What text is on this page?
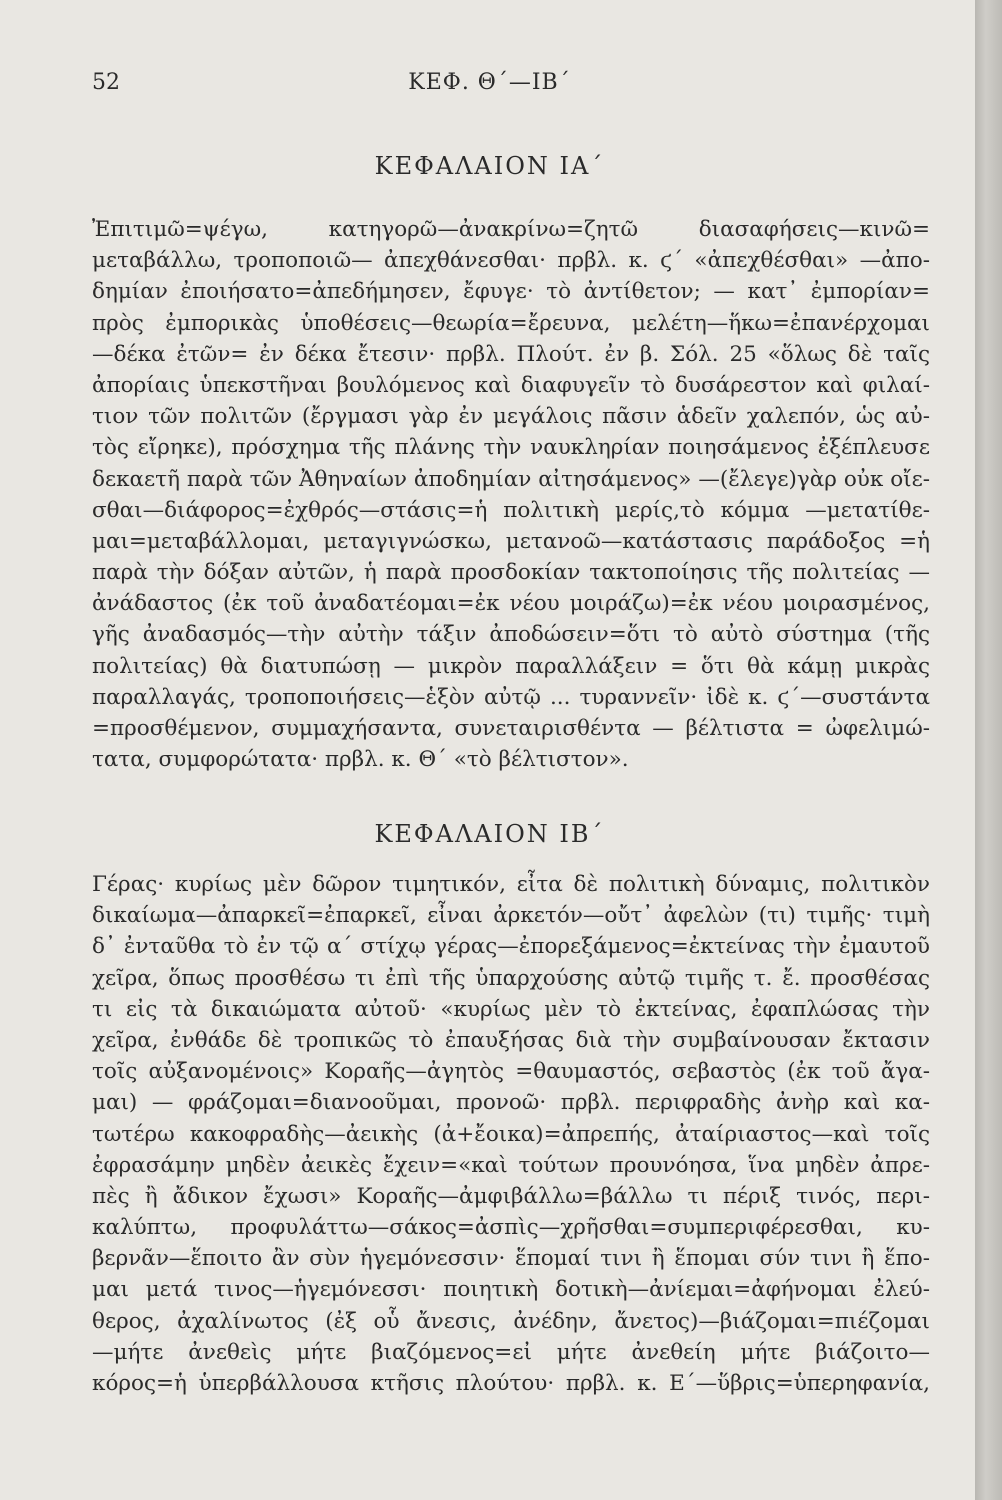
52	ΚΕΦ. Θ΄—ΙΒ΄
ΚΕΦΑΛΑΙΟΝ ΙΑ΄
Ἐπιτιμῶ=ψέγω, κατηγορῶ—ἀνακρίνω=ζητῶ διασαφήσεις—κινῶ=
μεταβάλλω, τροποποιῶ— ἀπεχθάνεσθαι· πρβλ. κ. ϛ΄ «ἀπεχθέσθαι» —ἀπο-
δημίαν ἐποιήσατο=ἀπεδήμησεν, ἔφυγε· τὸ ἀντίθετον; — κατ᾽ ἐμπορίαν=
πρὸς ἐμπορικὰς ὑποθέσεις—θεωρία=ἔρευνα, μελέτη—ἥκω=ἐπανέρχομαι
—δέκα ἐτῶν= ἐν δέκα ἔτεσιν· πρβλ. Πλούτ. ἐν β. Σόλ. 25 «ὅλως δὲ ταῖς
ἀπορίαις ὑπεκστῆναι βουλόμενος καὶ διαφυγεῖν τὸ δυσάρεστον καὶ φιλαί-
τιον τῶν πολιτῶν (ἔργμασι γὰρ ἐν μεγάλοις πᾶσιν ἁδεῖν χαλεπόν, ὡς αὐ-
τὸς εἴρηκε), πρόσχημα τῆς πλάνης τὴν ναυκληρίαν ποιησάμενος ἐξέπλευσε
δεκαετῆ παρὰ τῶν Ἀθηναίων ἀποδημίαν αἰτησάμενος» —(ἔλεγε)γὰρ οὐκ οἴε-
σθαι—διάφορος=ἐχθρός—στάσις=ἡ πολιτικὴ μερίς,τὸ κόμμα —μετατίθε-
μαι=μεταβάλλομαι, μεταγιγνώσκω, μετανοῶ—κατάστασις παράδοξος =ἡ
παρὰ τὴν δόξαν αὐτῶν, ἡ παρὰ προσδοκίαν τακτοποίησις τῆς πολιτείας —
ἀνάδαστος (ἐκ τοῦ ἀναδατέομαι=ἐκ νέου μοιράζω)=ἐκ νέου μοιρασμένος,
γῆς ἀναδασμός—τὴν αὐτὴν τάξιν ἀποδώσειν=ὅτι τὸ αὐτὸ σύστημα (τῆς
πολιτείας) θὰ διατυπώσῃ — μικρὸν παραλλάξειν = ὅτι θὰ κάμῃ μικρὰς
παραλλαγάς, τροποποιήσεις—ἑξὸν αὐτῷ ... τυραννεῖν· ἰδὲ κ. ϛ΄—συστάντα
=προσθέμενον, συμμαχήσαντα, συνεταιρισθέντα — βέλτιστα = ὠφελιμώ-
τατα, συμφορώτατα· πρβλ. κ. Θ΄ «τὸ βέλτιστον».
ΚΕΦΑΛΑΙΟΝ ΙΒ΄
Γέρας· κυρίως μὲν δῶρον τιμητικόν, εἶτα δὲ πολιτικὴ δύναμις, πολιτικὸν
δικαίωμα—ἀπαρκεῖ=ἐπαρκεῖ, εἶναι ἀρκετόν—οὔτ᾽ ἀφελὼν (τι) τιμῆς· τιμὴ
δ᾽ ἐνταῦθα τὸ ἐν τῷ α΄ στίχῳ γέρας—ἐπορεξάμενος=ἐκτείνας τὴν ἐμαυτοῦ
χεῖρα, ὅπως προσθέσω τι ἐπὶ τῆς ὑπαρχούσης αὐτῷ τιμῆς τ. ἔ. προσθέσας
τι εἰς τὰ δικαιώματα αὐτοῦ· «κυρίως μὲν τὸ ἐκτείνας, ἐφαπλώσας τὴν
χεῖρα, ἐνθάδε δὲ τροπικῶς τὸ ἐπαυξήσας διὰ τὴν συμβαίνουσαν ἔκτασιν
τοῖς αὐξανομένοις» Κοραῆς—ἀγητὸς =θαυμαστός, σεβαστὸς (ἐκ τοῦ ἄγα-
μαι) — φράζομαι=διανοοῦμαι, προνοῶ· πρβλ. περιφραδὴς ἀνὴρ καὶ κα-
τωτέρω κακοφραδὴς—ἀεικὴς (ἀ+ἔοικα)=ἀπρεπής, ἀταίριαστος—καὶ τοῖς
ἐφρασάμην μηδὲν ἀεικὲς ἔχειν=«καὶ τούτων προυνόησα, ἵνα μηδὲν ἀπρε-
πὲς ἢ ἄδικον ἔχωσι» Κοραῆς—ἀμφιβάλλω=βάλλω τι πέριξ τινός, περι-
καλύπτω, προφυλάττω—σάκος=ἀσπὶς—χρῆσθαι=συμπεριφέρεσθαι, κυ-
βερνᾶν—ἕποιτο ἂν σὺν ἡγεμόνεσσιν· ἕπομαί τινι ἢ ἕπομαι σύν τινι ἢ ἕπο-
μαι μετά τινος—ἡγεμόνεσσι· ποιητικὴ δοτικὴ—ἀνίεμαι=ἀφήνομαι ἐλεύ-
θερος, ἀχαλίνωτος (ἐξ οὗ ἄνεσις, ἀνέδην, ἄνετος)—βιάζομαι=πιέζομαι
—μήτε ἀνεθεὶς μήτε βιαζόμενος=εἰ μήτε ἀνεθείη μήτε βιάζοιτο—
κόρος=ἡ ὑπερβάλλουσα κτῆσις πλούτου· πρβλ. κ. Ε΄—ὕβρις=ὑπερηφανία,
